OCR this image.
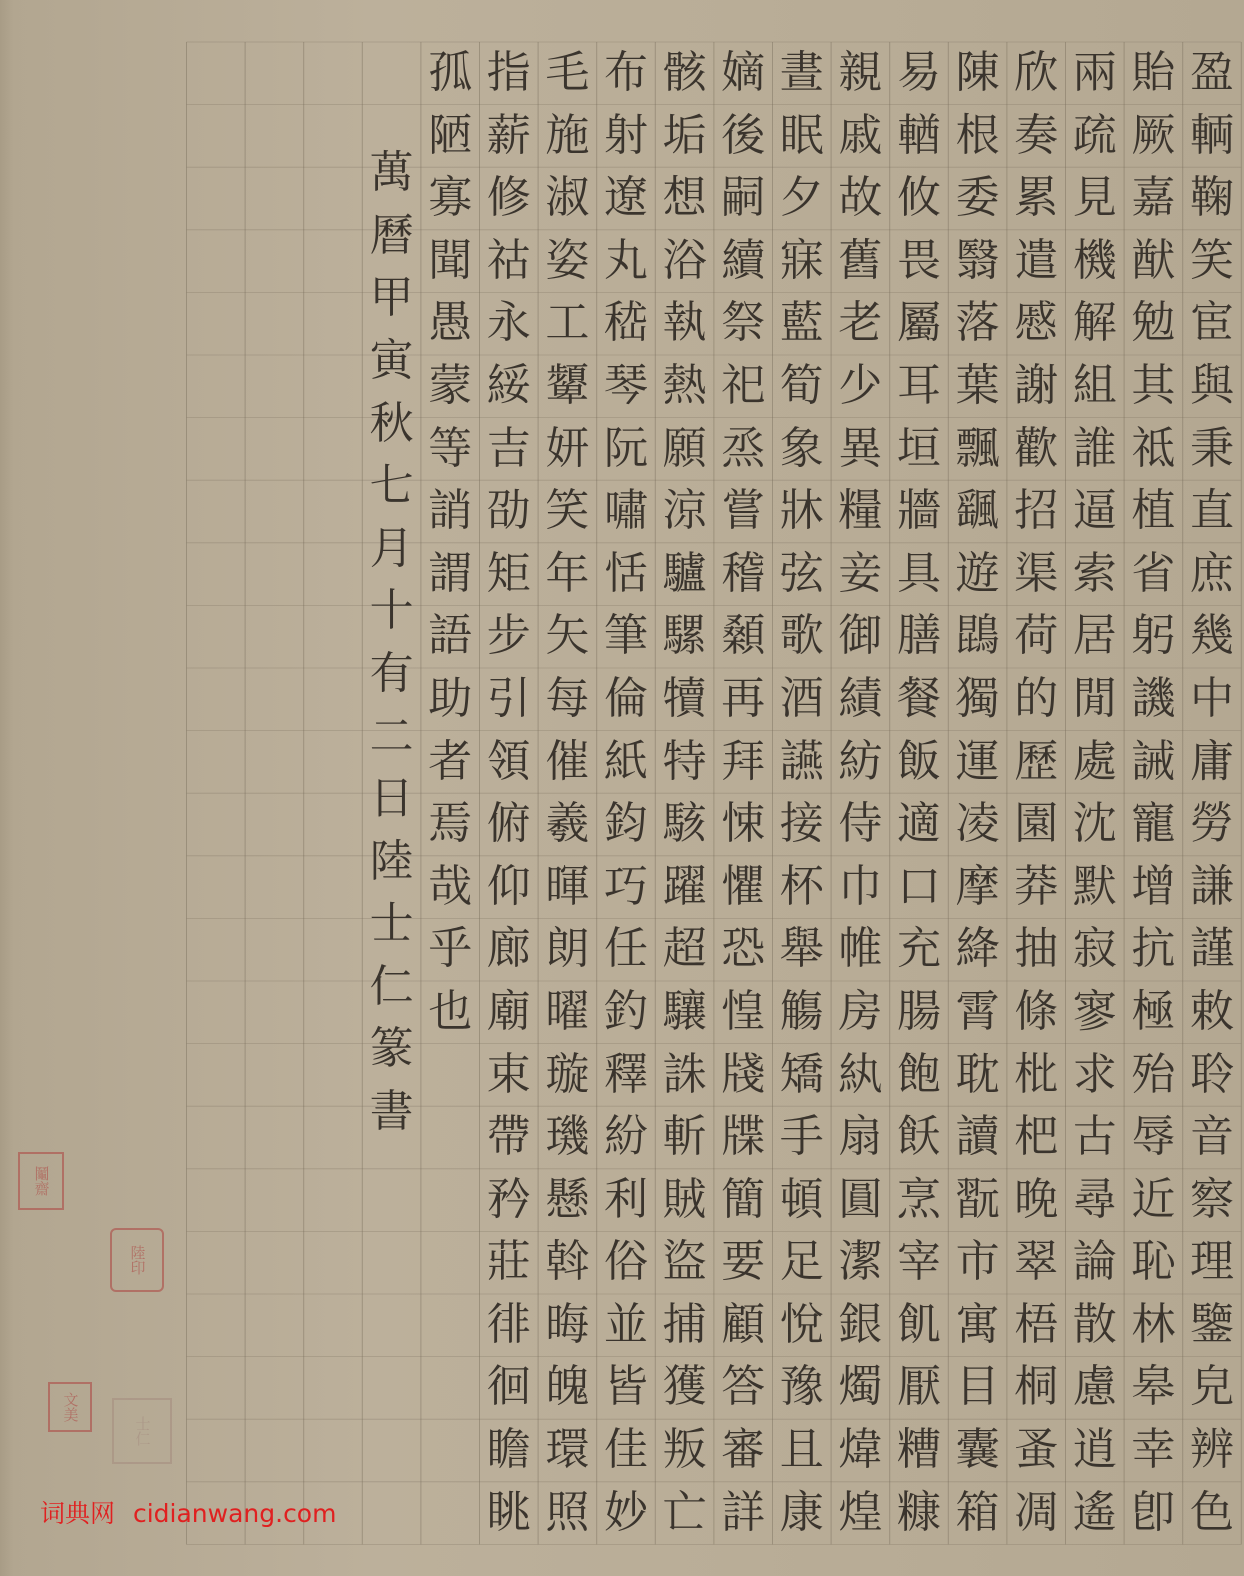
盈
輌
鞠
笑
宦
與
秉
直
庶
幾
中
庸
勞
謙
謹
敕
聆
音
察
理
鑒
皃
辨
色
貽
厥
嘉
猷
勉
其
祗
植
省
躬
譏
誡
寵
增
抗
極
殆
辱
近
恥
林
皋
幸
卽
兩
疏
見
機
解
組
誰
逼
索
居
閒
處
沈
默
寂
寥
求
古
尋
論
散
慮
逍
遙
欣
奏
累
遣
慼
謝
歡
招
渠
荷
的
歷
園
莽
抽
條
枇
杷
晚
翠
梧
桐
蚤
凋
陳
根
委
翳
落
葉
飄
颻
遊
鵾
獨
運
凌
摩
絳
霄
耽
讀
翫
市
寓
目
囊
箱
易
輶
攸
畏
屬
耳
垣
牆
具
膳
餐
飯
適
口
充
腸
飽
飫
烹
宰
飢
厭
糟
糠
親
戚
故
舊
老
少
異
糧
妾
御
績
紡
侍
巾
帷
房
紈
扇
圓
潔
銀
燭
煒
煌
晝
眠
夕
寐
藍
筍
象
牀
弦
歌
酒
讌
接
杯
舉
觴
矯
手
頓
足
悅
豫
且
康
嫡
後
嗣
續
祭
祀
烝
嘗
稽
顙
再
拜
悚
懼
恐
惶
牋
牒
簡
要
顧
答
審
詳
骸
垢
想
浴
執
熱
願
涼
驢
騾
犢
特
駭
躍
超
驤
誅
斬
賊
盜
捕
獲
叛
亡
布
射
遼
丸
嵇
琴
阮
嘯
恬
筆
倫
紙
鈞
巧
任
釣
釋
紛
利
俗
並
皆
佳
妙
毛
施
淑
姿
工
顰
妍
笑
年
矢
每
催
羲
暉
朗
曜
璇
璣
懸
斡
晦
魄
環
照
指
薪
修
祜
永
綏
吉
劭
矩
步
引
領
俯
仰
廊
廟
束
帶
矜
莊
徘
徊
瞻
眺
孤
陋
寡
聞
愚
蒙
等
誚
謂
語
助
者
焉
哉
乎
也
萬
曆
甲
寅
秋
七
月
十
有
二
日
陸
士
仁
篆
書
鬮齋
陸印
文美
士仁
词典网 cidianwang.com
